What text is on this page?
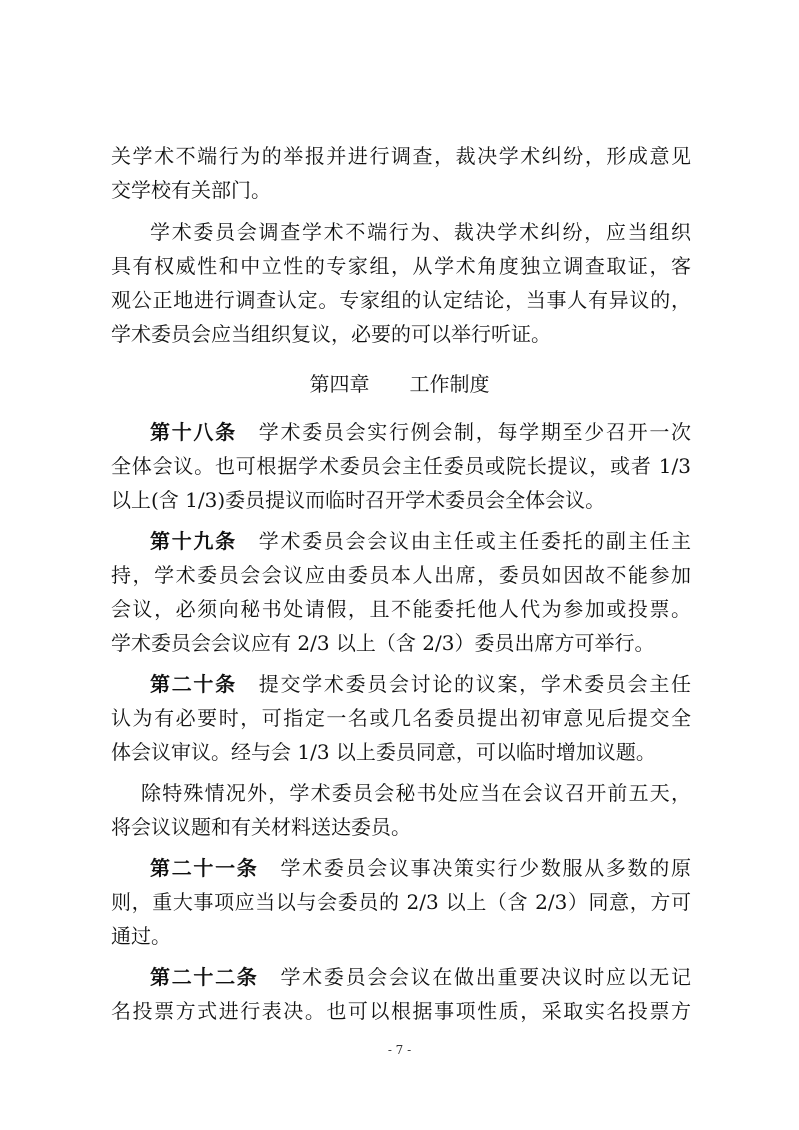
关学术不端行为的举报并进行调查，裁决学术纠纷，形成意见
交学校有关部门。
学术委员会调查学术不端行为、裁决学术纠纷，应当组织
具有权威性和中立性的专家组，从学术角度独立调查取证，客
观公正地进行调查认定。专家组的认定结论，当事人有异议的，
学术委员会应当组织复议，必要的可以举行听证。
第四章 工作制度
第十八条 学术委员会实行例会制，每学期至少召开一次
全体会议。也可根据学术委员会主任委员或院长提议，或者 1/3
以上(含 1/3)委员提议而临时召开学术委员会全体会议。
第十九条 学术委员会会议由主任或主任委托的副主任主
持，学术委员会会议应由委员本人出席，委员如因故不能参加
会议，必须向秘书处请假，且不能委托他人代为参加或投票。
学术委员会会议应有 2/3 以上（含 2/3）委员出席方可举行。
第二十条 提交学术委员会讨论的议案，学术委员会主任
认为有必要时，可指定一名或几名委员提出初审意见后提交全
体会议审议。经与会 1/3 以上委员同意，可以临时增加议题。
除特殊情况外，学术委员会秘书处应当在会议召开前五天，
将会议议题和有关材料送达委员。
第二十一条 学术委员会议事决策实行少数服从多数的原
则，重大事项应当以与会委员的 2/3 以上（含 2/3）同意，方可
通过。
第二十二条 学术委员会会议在做出重要决议时应以无记
名投票方式进行表决。也可以根据事项性质，采取实名投票方
- 7 -
